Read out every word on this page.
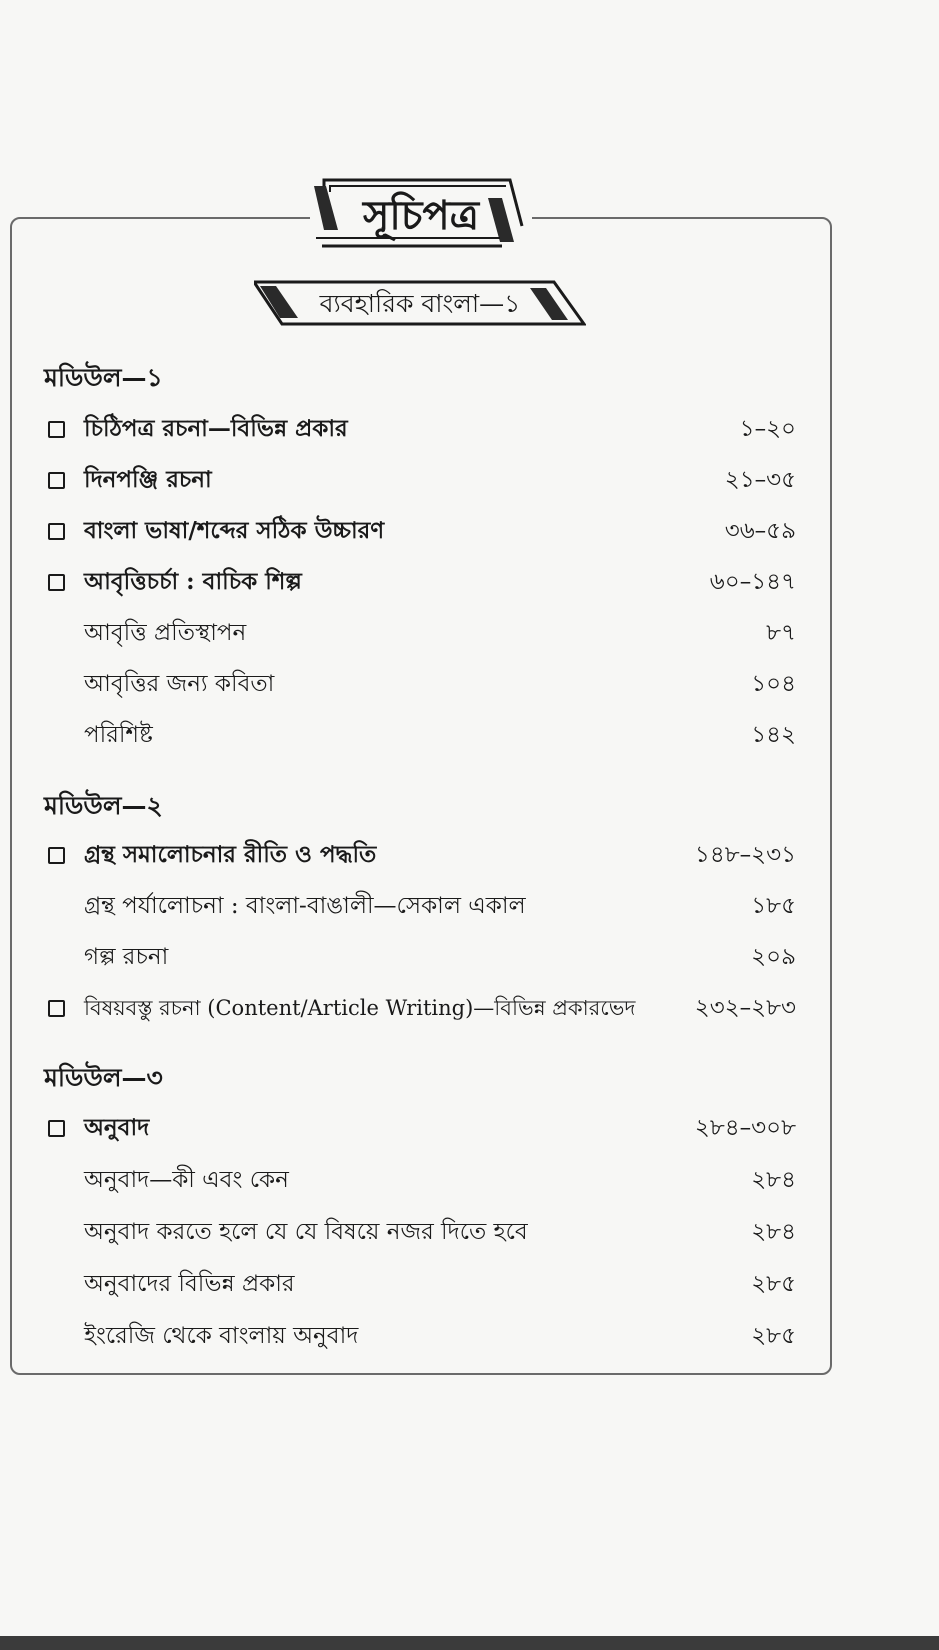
সূচিপত্র
ব্যবহারিক বাংলা—১
মডিউল—১
চিঠিপত্র রচনা—বিভিন্ন প্রকার	১–২০
দিনপঞ্জি রচনা	২১–৩৫
বাংলা ভাষা/শব্দের সঠিক উচ্চারণ	৩৬–৫৯
আবৃত্তিচর্চা : বাচিক শিল্প	৬০–১৪৭
আবৃত্তি প্রতিস্থাপন	৮৭
আবৃত্তির জন্য কবিতা	১০৪
পরিশিষ্ট	১৪২
মডিউল—২
গ্রন্থ সমালোচনার রীতি ও পদ্ধতি	১৪৮–২৩১
গ্রন্থ পর্যালোচনা : বাংলা-বাঙালী—সেকাল একাল	১৮৫
গল্প রচনা	২০৯
বিষয়বস্তু রচনা (Content/Article Writing)—বিভিন্ন প্রকারভেদ	২৩২–২৮৩
মডিউল—৩
অনুবাদ	২৮৪–৩০৮
অনুবাদ—কী এবং কেন	২৮৪
অনুবাদ করতে হলে যে যে বিষয়ে নজর দিতে হবে	২৮৪
অনুবাদের বিভিন্ন প্রকার	২৮৫
ইংরেজি থেকে বাংলায় অনুবাদ	২৮৫
